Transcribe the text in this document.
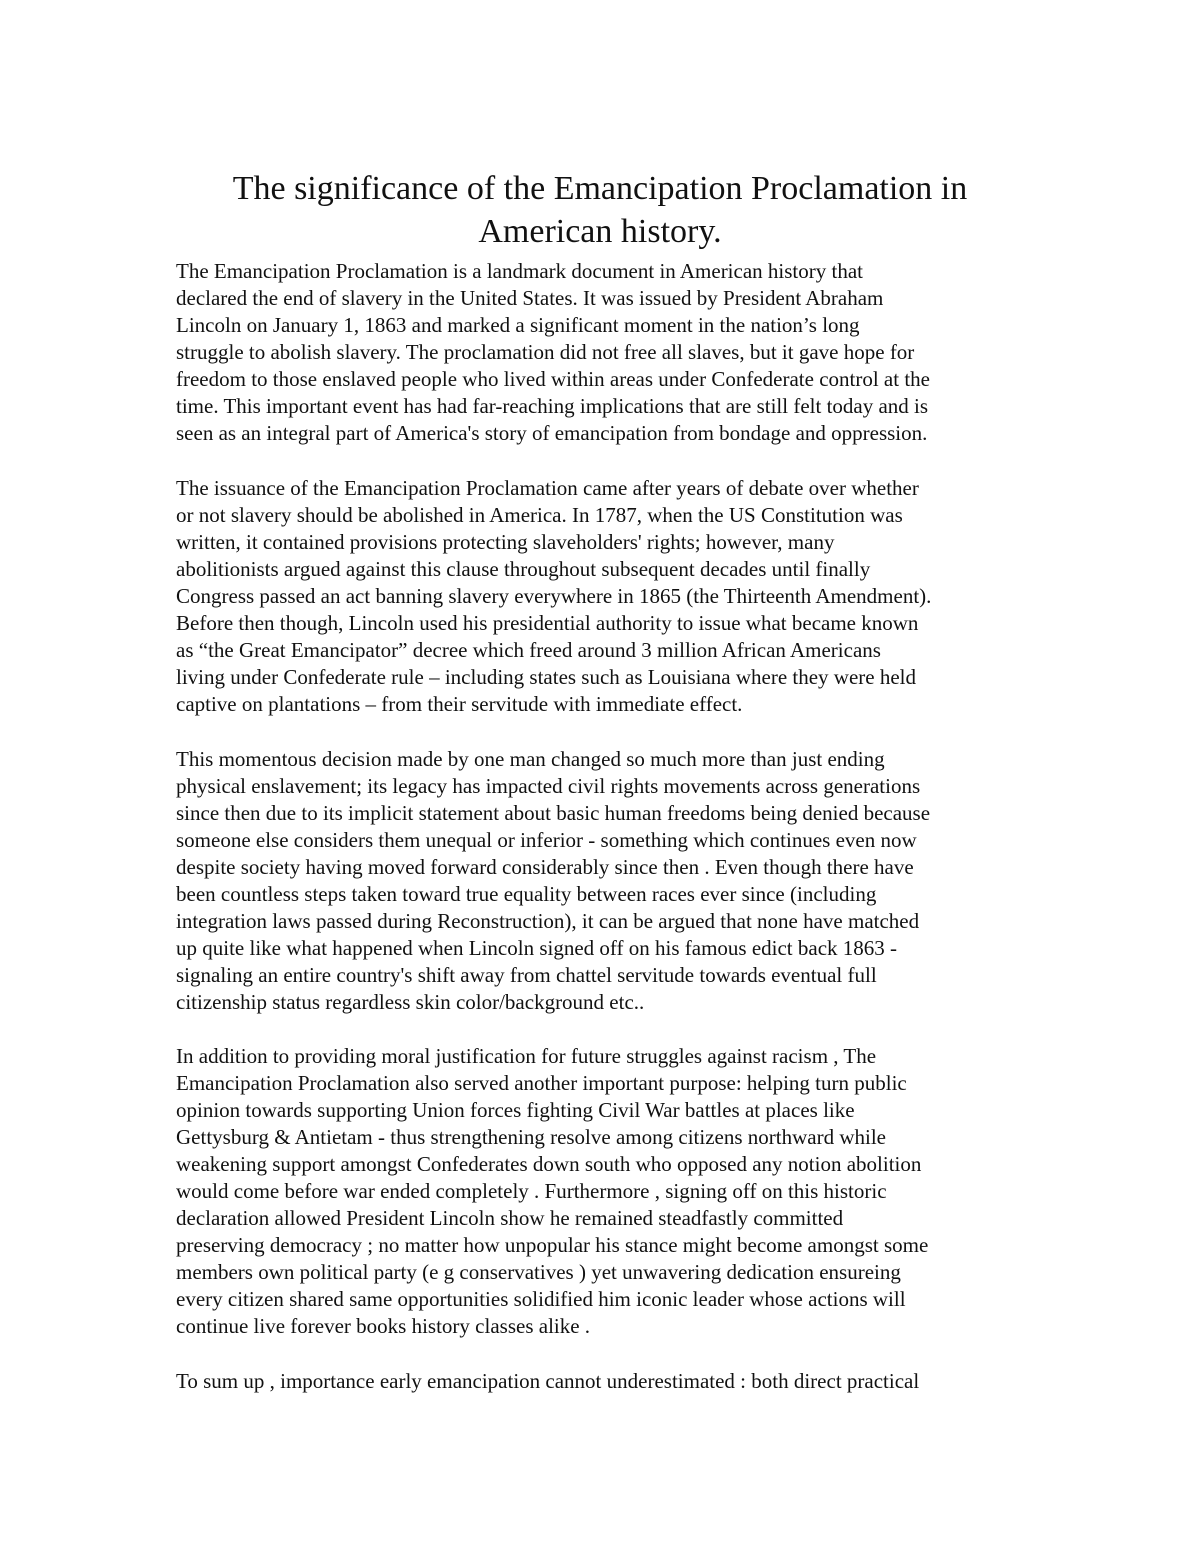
The significance of the Emancipation Proclamation in
American history.
The Emancipation Proclamation is a landmark document in American history that
declared the end of slavery in the United States. It was issued by President Abraham
Lincoln on January 1, 1863 and marked a significant moment in the nation’s long
struggle to abolish slavery. The proclamation did not free all slaves, but it gave hope for
freedom to those enslaved people who lived within areas under Confederate control at the
time. This important event has had far-reaching implications that are still felt today and is
seen as an integral part of America's story of emancipation from bondage and oppression.
The issuance of the Emancipation Proclamation came after years of debate over whether
or not slavery should be abolished in America. In 1787, when the US Constitution was
written, it contained provisions protecting slaveholders' rights; however, many
abolitionists argued against this clause throughout subsequent decades until finally
Congress passed an act banning slavery everywhere in 1865 (the Thirteenth Amendment).
Before then though, Lincoln used his presidential authority to issue what became known
as “the Great Emancipator” decree which freed around 3 million African Americans
living under Confederate rule – including states such as Louisiana where they were held
captive on plantations – from their servitude with immediate effect.
This momentous decision made by one man changed so much more than just ending
physical enslavement; its legacy has impacted civil rights movements across generations
since then due to its implicit statement about basic human freedoms being denied because
someone else considers them unequal or inferior - something which continues even now
despite society having moved forward considerably since then . Even though there have
been countless steps taken toward true equality between races ever since (including
integration laws passed during Reconstruction), it can be argued that none have matched
up quite like what happened when Lincoln signed off on his famous edict back 1863 -
signaling an entire country's shift away from chattel servitude towards eventual full
citizenship status regardless skin color/background etc..
In addition to providing moral justification for future struggles against racism , The
Emancipation Proclamation also served another important purpose: helping turn public
opinion towards supporting Union forces fighting Civil War battles at places like
Gettysburg & Antietam - thus strengthening resolve among citizens northward while
weakening support amongst Confederates down south who opposed any notion abolition
would come before war ended completely . Furthermore , signing off on this historic
declaration allowed President Lincoln show he remained steadfastly committed
preserving democracy ; no matter how unpopular his stance might become amongst some
members own political party (e g conservatives ) yet unwavering dedication ensureing
every citizen shared same opportunities solidified him iconic leader whose actions will
continue live forever books history classes alike .
To sum up , importance early emancipation cannot underestimated : both direct practical
